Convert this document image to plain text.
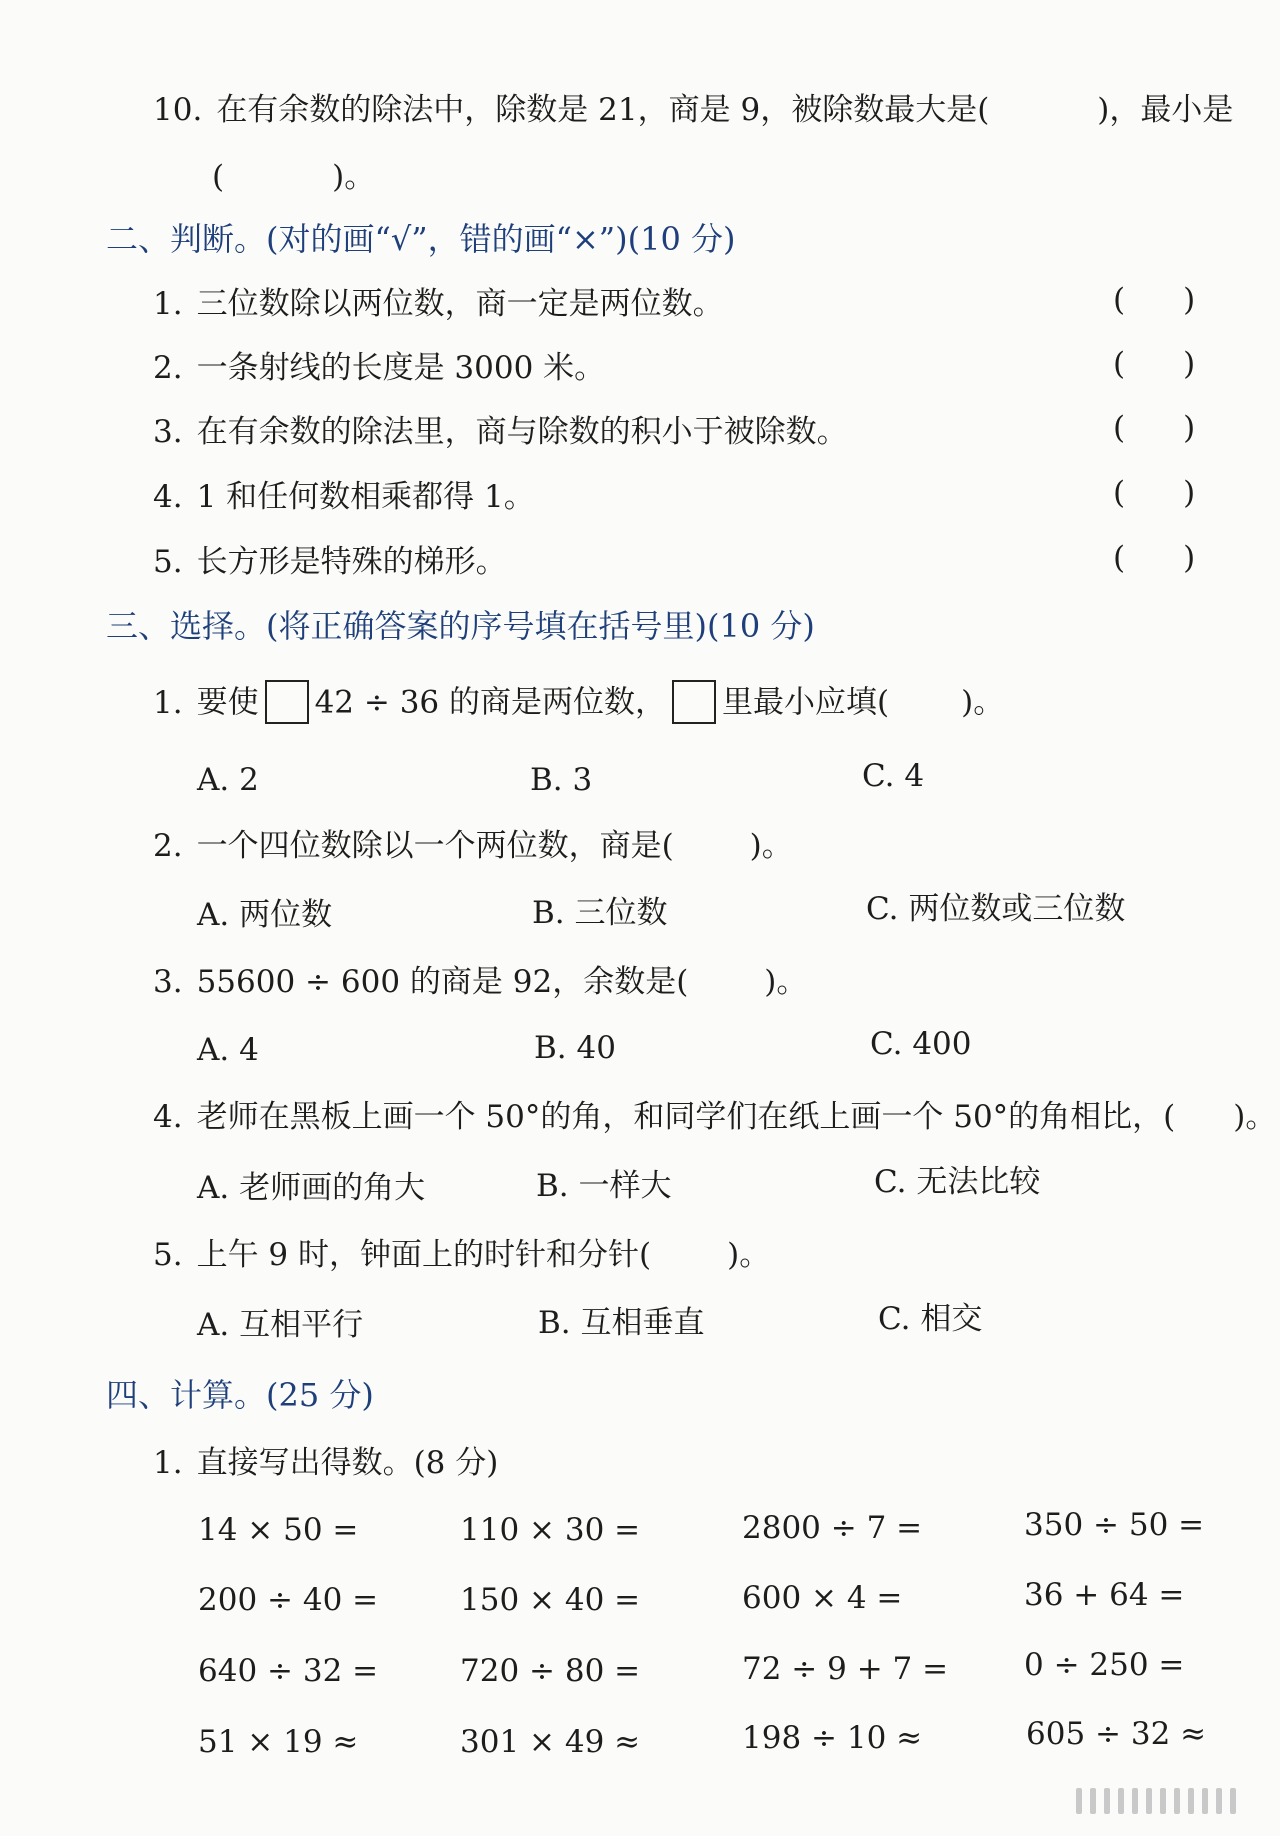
10. 在有余数的除法中，除数是 21，商是 9，被除数最大是(	)，最小是
(	)。
二、判断。(对的画“√”，错的画“×”)(10 分)
1. 三位数除以两位数，商一定是两位数。	( )
2. 一条射线的长度是 3000 米。	( )
3. 在有余数的除法里，商与除数的积小于被除数。	( )
4. 1 和任何数相乘都得 1。	( )
5. 长方形是特殊的梯形。	( )
三、选择。(将正确答案的序号填在括号里)(10 分)
1. 要使 42 ÷ 36 的商是两位数， 里最小应填( )。
A. 2	B. 3	C. 4
2. 一个四位数除以一个两位数，商是( )。
A. 两位数	B. 三位数	C. 两位数或三位数
3. 55600 ÷ 600 的商是 92，余数是( )。
A. 4	B. 40	C. 400
4. 老师在黑板上画一个 50°的角，和同学们在纸上画一个 50°的角相比，( )。
A. 老师画的角大	B. 一样大	C. 无法比较
5. 上午 9 时，钟面上的时针和分针( )。
A. 互相平行	B. 互相垂直	C. 相交
四、计算。(25 分)
1. 直接写出得数。(8 分)
14 × 50 =	110 × 30 =	2800 ÷ 7 =	350 ÷ 50 =
200 ÷ 40 =	150 × 40 =	600 × 4 =	36 + 64 =
640 ÷ 32 =	720 ÷ 80 =	72 ÷ 9 + 7 = 0 ÷ 250 =
51 × 19 ≈	301 × 49 ≈	198 ÷ 10 ≈	605 ÷ 32 ≈
